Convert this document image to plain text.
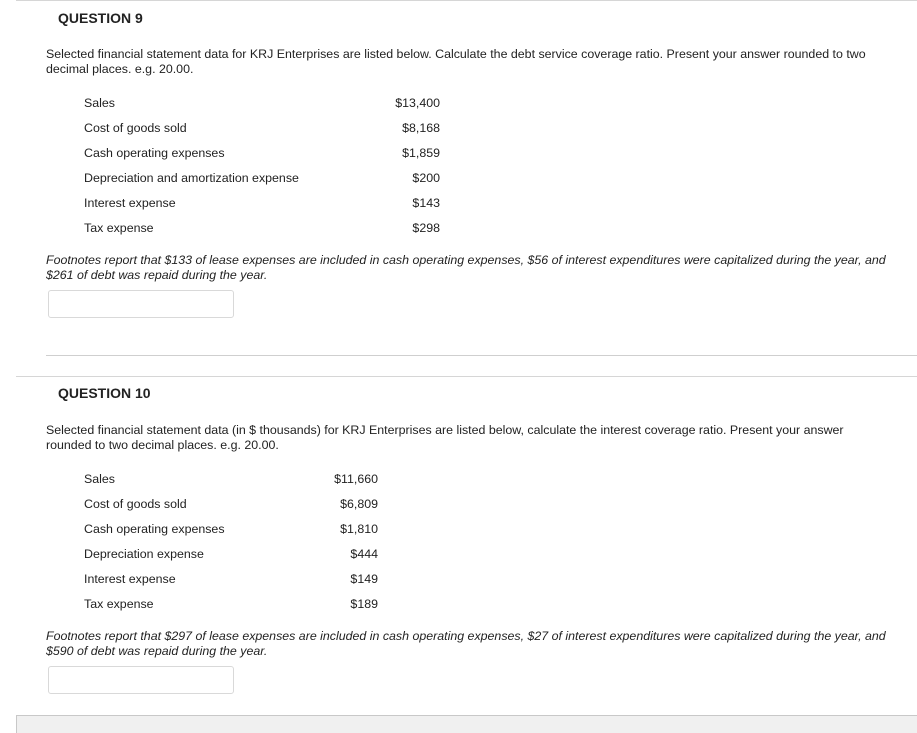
QUESTION 9
Selected financial statement data for KRJ Enterprises are listed below. Calculate the debt service coverage ratio. Present your answer rounded to two decimal places. e.g. 20.00.
Sales	$13,400
Cost of goods sold	$8,168
Cash operating expenses	$1,859
Depreciation and amortization expense	$200
Interest expense	$143
Tax expense	$298
Footnotes report that $133 of lease expenses are included in cash operating expenses, $56 of interest expenditures were capitalized during the year, and $261 of debt was repaid during the year.
QUESTION 10
Selected financial statement data (in $ thousands) for KRJ Enterprises are listed below, calculate the interest coverage ratio. Present your answer rounded to two decimal places. e.g. 20.00.
Sales	$11,660
Cost of goods sold	$6,809
Cash operating expenses	$1,810
Depreciation expense	$444
Interest expense	$149
Tax expense	$189
Footnotes report that $297 of lease expenses are included in cash operating expenses, $27 of interest expenditures were capitalized during the year, and $590 of debt was repaid during the year.
